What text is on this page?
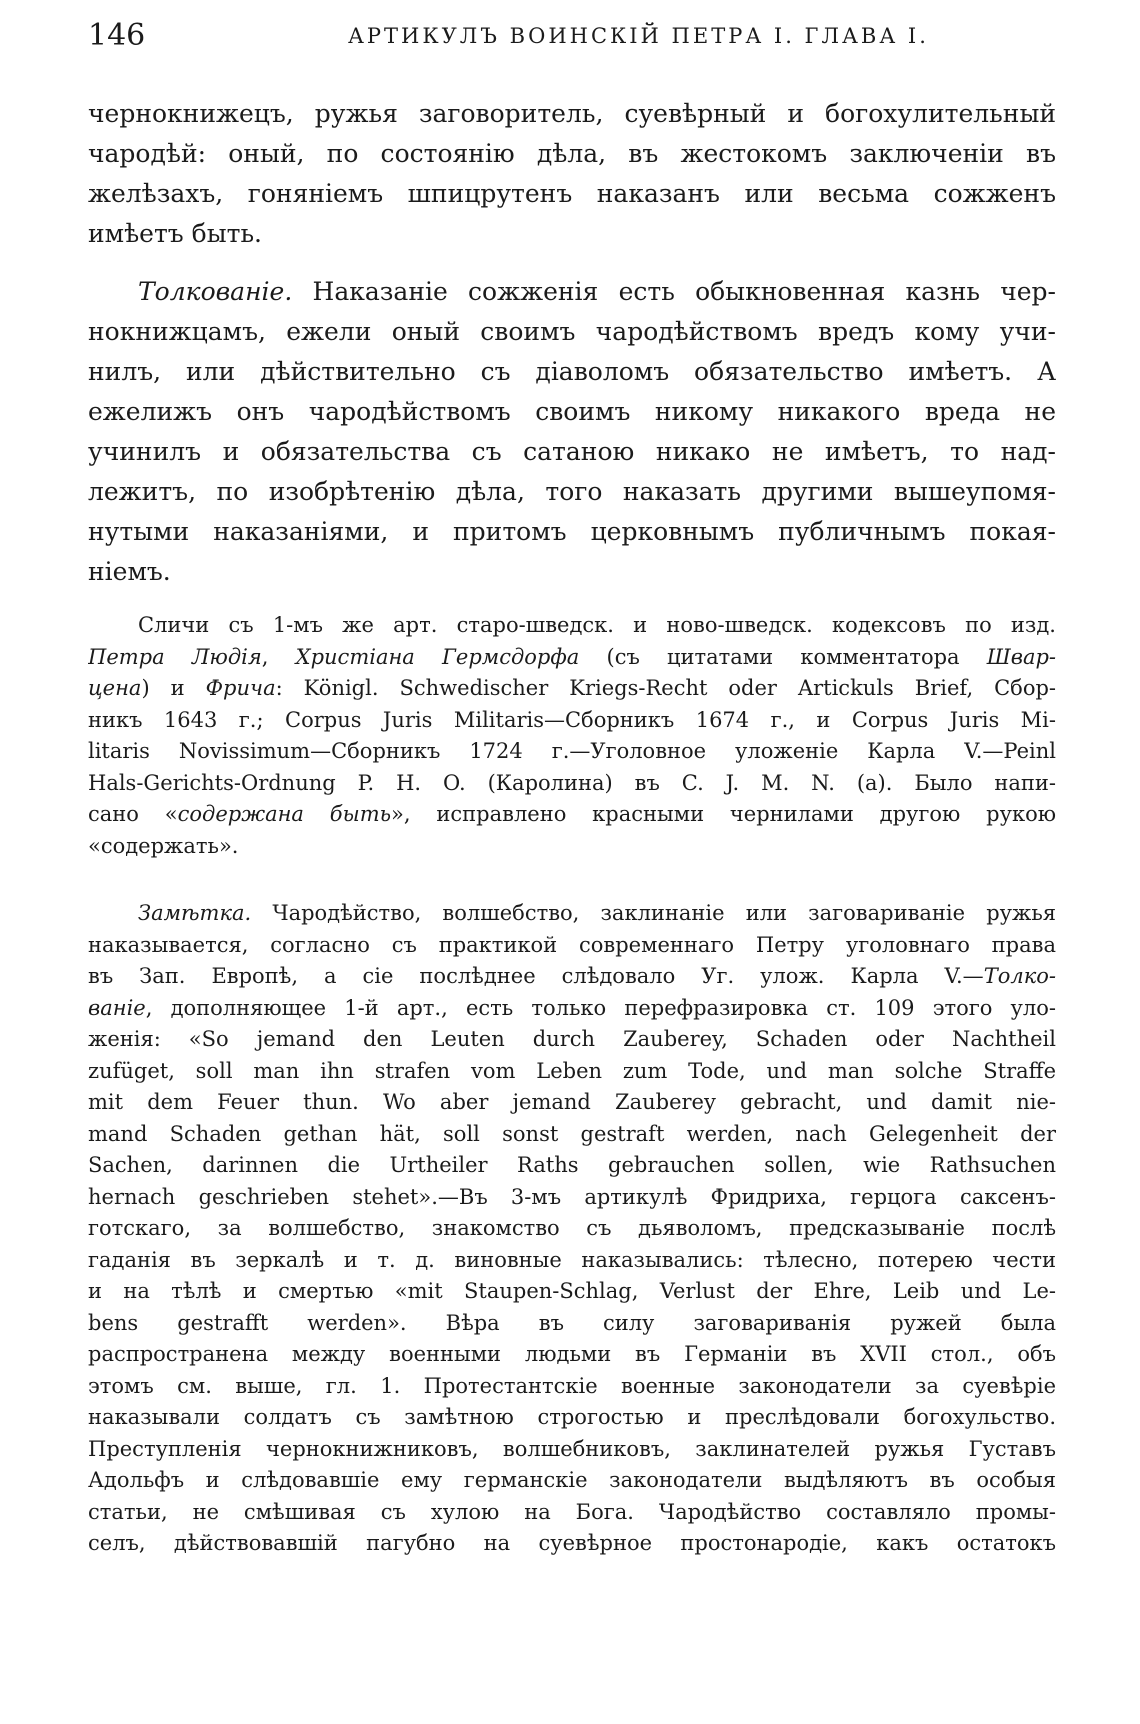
146	АРТИКУЛЪ ВОИНСКІЙ ПЕТРА I. ГЛАВА I.
чернокнижецъ, ружья заговоритель, суевѣрный и богохулительный
чародѣй: оный, по состоянію дѣла, въ жестокомъ заключеніи въ
желѣзахъ, гоняніемъ шпицрутенъ наказанъ или весьма сожженъ
имѣетъ быть.
Толкованіе. Наказаніе сожженія есть обыкновенная казнь чер-
нокнижцамъ, ежели оный своимъ чародѣйствомъ вредъ кому учи-
нилъ, или дѣйствительно съ діаволомъ обязательство имѣетъ. А
ежелижъ онъ чародѣйствомъ своимъ никому никакого вреда не
учинилъ и обязательства съ сатаною никако не имѣетъ, то над-
лежитъ, по изобрѣтенію дѣла, того наказать другими вышеупомя-
нутыми наказаніями, и притомъ церковнымъ публичнымъ покая-
ніемъ.
Сличи съ 1-мъ же арт. старо-шведск. и ново-шведск. кодексовъ по изд.
Петра Людія, Христіана Гермсдорфа (съ цитатами комментатора Швар-
цена) и Фрича: Königl. Schwedischer Kriegs-Recht oder Artickuls Brief, Сбор-
никъ 1643 г.; Corpus Juris Militaris—Сборникъ 1674 г., и Corpus Juris Mi-
litaris Novissimum—Сборникъ 1724 г.—Уголовное уложеніе Карла V.—Peinl
Hals-Gerichts-Ordnung P. H. O. (Каролина) въ C. J. M. N. (a). Было напи-
сано «содержана быть», исправлено красными чернилами другою рукою
«содержать».
Замѣтка. Чародѣйство, волшебство, заклинаніе или заговариваніе ружья
наказывается, согласно съ практикой современнаго Петру уголовнаго права
въ Зап. Европѣ, а сіе послѣднее слѣдовало Уг. улож. Карла V.—Толко-
ваніе, дополняющее 1-й арт., есть только перефразировка ст. 109 этого уло-
женія: «So jemand den Leuten durch Zauberey, Schaden oder Nachtheil
zufüget, soll man ihn strafen vom Leben zum Tode, und man solche Straffe
mit dem Feuer thun. Wo aber jemand Zauberey gebracht, und damit nie-
mand Schaden gethan hät, soll sonst gestraft werden, nach Gelegenheit der
Sachen, darinnen die Urtheiler Raths gebrauchen sollen, wie Rathsuchen
hernach geschrieben stehet».—Въ 3-мъ артикулѣ Фридриха, герцога саксенъ-
готскаго, за волшебство, знакомство съ дьяволомъ, предсказываніе послѣ
гаданія въ зеркалѣ и т. д. виновные наказывались: тѣлесно, потерею чести
и на тѣлѣ и смертью «mit Staupen-Schlag, Verlust der Ehre, Leib und Le-
bens gestrafft werden». Вѣра въ силу заговариванія ружей была
распространена между военными людьми въ Германіи въ XVII стол., объ
этомъ см. выше, гл. 1. Протестантскіе военные законодатели за суевѣріе
наказывали солдатъ съ замѣтною строгостью и преслѣдовали богохульство.
Преступленія чернокнижниковъ, волшебниковъ, заклинателей ружья Густавъ
Адольфъ и слѣдовавшіе ему германскіе законодатели выдѣляютъ въ особыя
статьи, не смѣшивая съ хулою на Бога. Чародѣйство составляло промы-
селъ, дѣйствовавшій пагубно на суевѣрное простонародіе, какъ остатокъ
